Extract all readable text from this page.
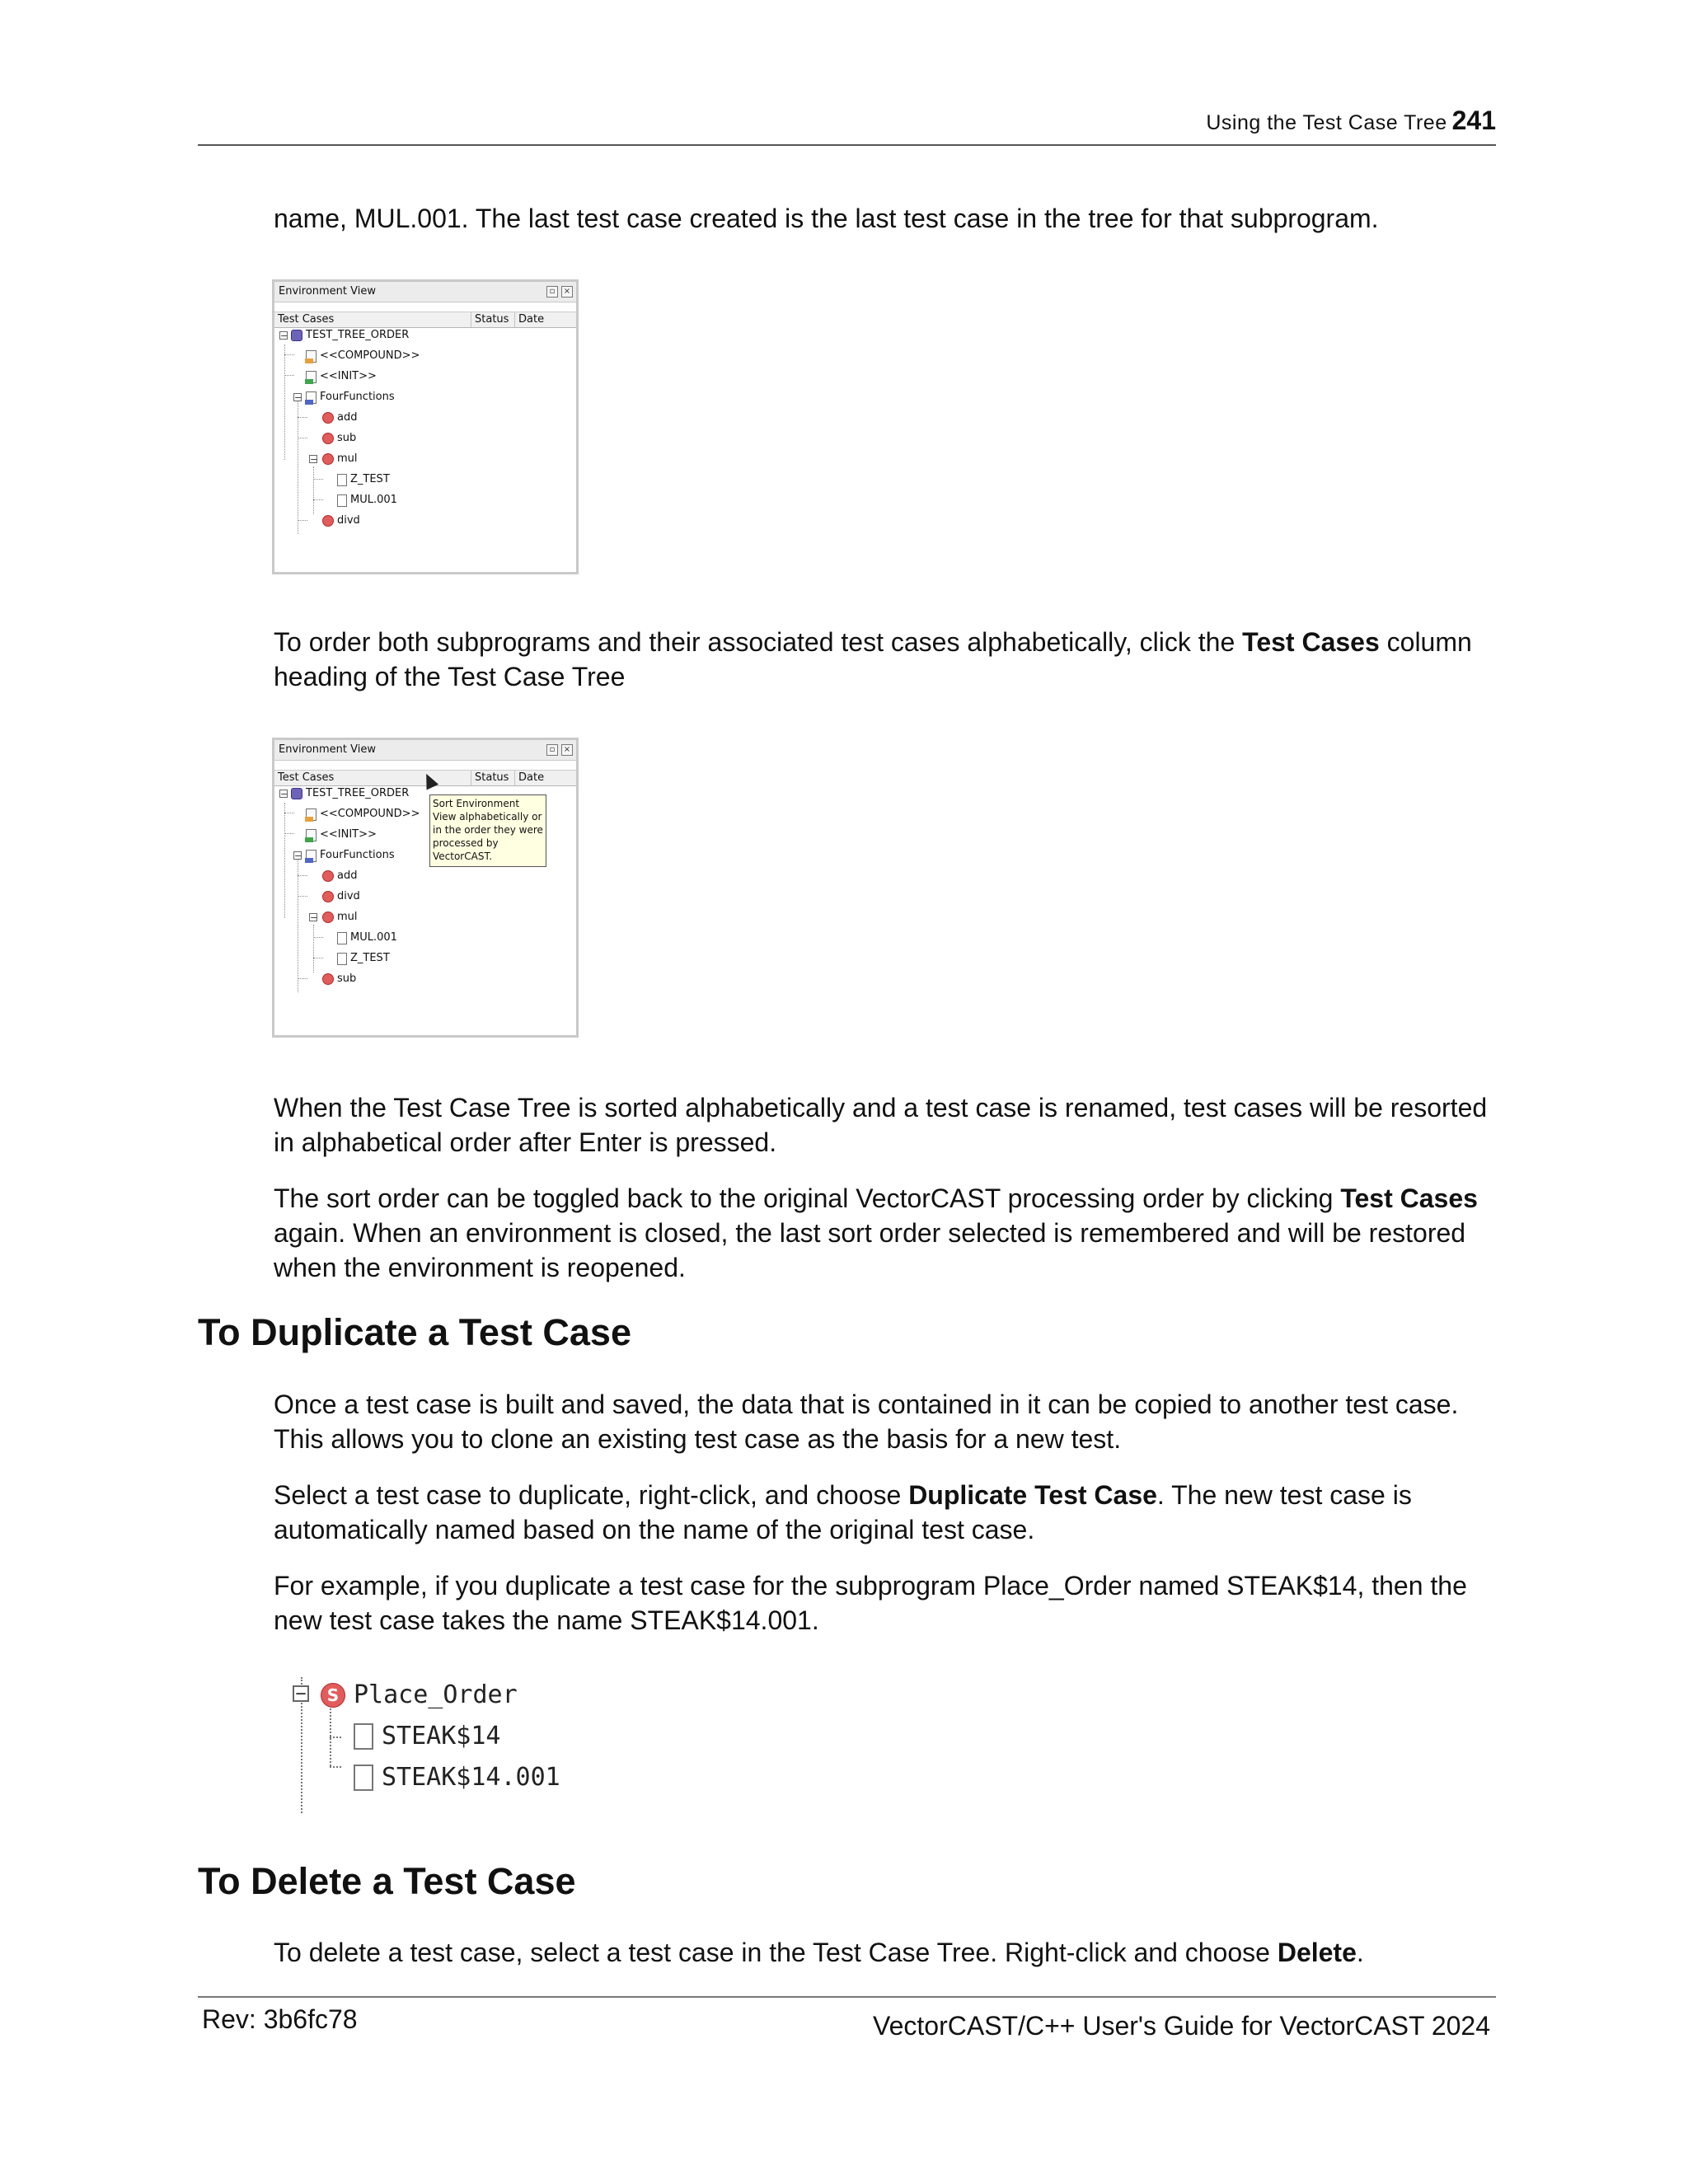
Using the Test Case Tree 241

name, MUL.001. The last test case created is the last test case in the tree for that subprogram.

Environment View	▫	×
Test Cases	Status Date
−
−
−
TEST_TREE_ORDER
<<COMPOUND>>
<<INIT>>
FourFunctions
add
sub
mul
Z_TEST
MUL.001
divd

To order both subprograms and their associated test cases alphabetically, click the Test Cases column heading of the Test Case Tree

Environment View	▫	×
Test Cases	Status Date
−
−
−
TEST_TREE_ORDER
<<COMPOUND>>
<<INIT>>
FourFunctions
add
divd
mul
MUL.001
Z_TEST
sub
Sort Environment View alphabetically or in the order they were processed by VectorCAST.

When the Test Case Tree is sorted alphabetically and a test case is renamed, test cases will be resorted in alphabetical order after Enter is pressed.

The sort order can be toggled back to the original VectorCAST processing order by clicking Test Cases again. When an environment is closed, the last sort order selected is remembered and will be restored when the environment is reopened.

To Duplicate a Test Case

Once a test case is built and saved, the data that is contained in it can be copied to another test case. This allows you to clone an existing test case as the basis for a new test.

Select a test case to duplicate, right-click, and choose Duplicate Test Case. The new test case is automatically named based on the name of the original test case.

For example, if you duplicate a test case for the subprogram Place_Order named STEAK$14, then the new test case takes the name STEAK$14.001.

−	S Place_Order
STEAK$14
STEAK$14.001
To Delete a Test Case

To delete a test case, select a test case in the Test Case Tree. Right-click and choose Delete.

Rev: 3b6fc78	VectorCAST/C++ User's Guide for VectorCAST 2024
